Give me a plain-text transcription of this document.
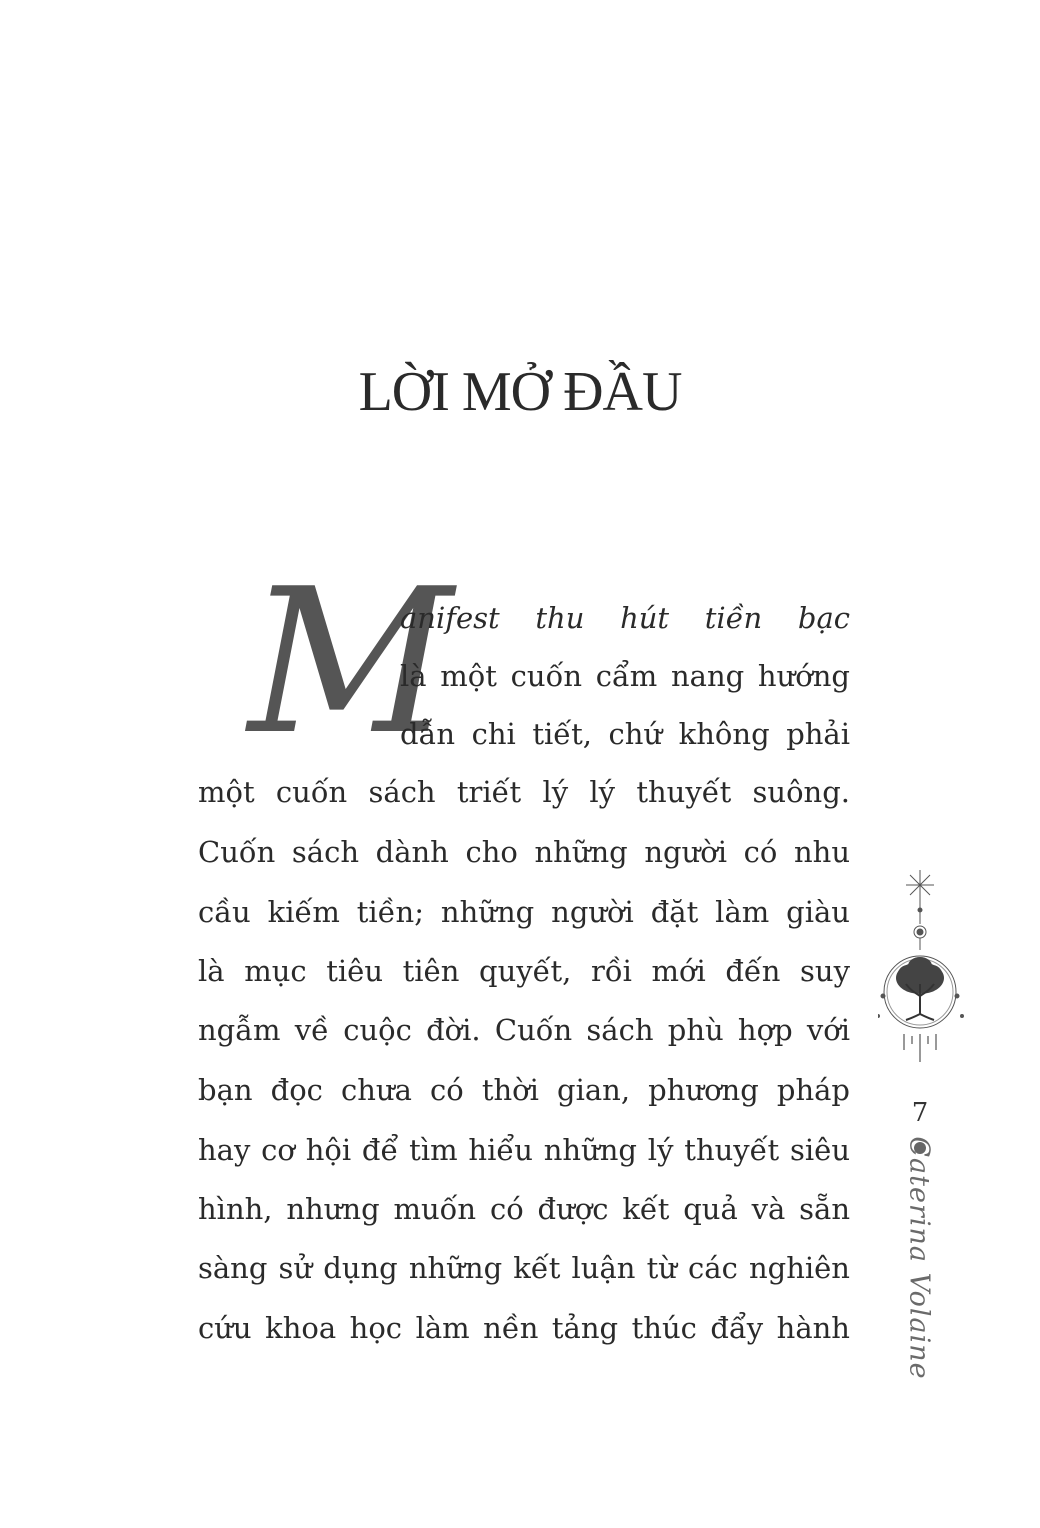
LỜI MỞ ĐẦU
M
anifest thu hút tiền bạc
là một cuốn cẩm nang hướng
dẫn chi tiết, chứ không phải
một cuốn sách triết lý lý thuyết suông.
Cuốn sách dành cho những người có nhu
cầu kiếm tiền; những người đặt làm giàu
là mục tiêu tiên quyết, rồi mới đến suy
ngẫm về cuộc đời. Cuốn sách phù hợp với
bạn đọc chưa có thời gian, phương pháp
hay cơ hội để tìm hiểu những lý thuyết siêu
hình, nhưng muốn có được kết quả và sẵn
sàng sử dụng những kết luận từ các nghiên
cứu khoa học làm nền tảng thúc đẩy hành
7
Caterina Volaine
